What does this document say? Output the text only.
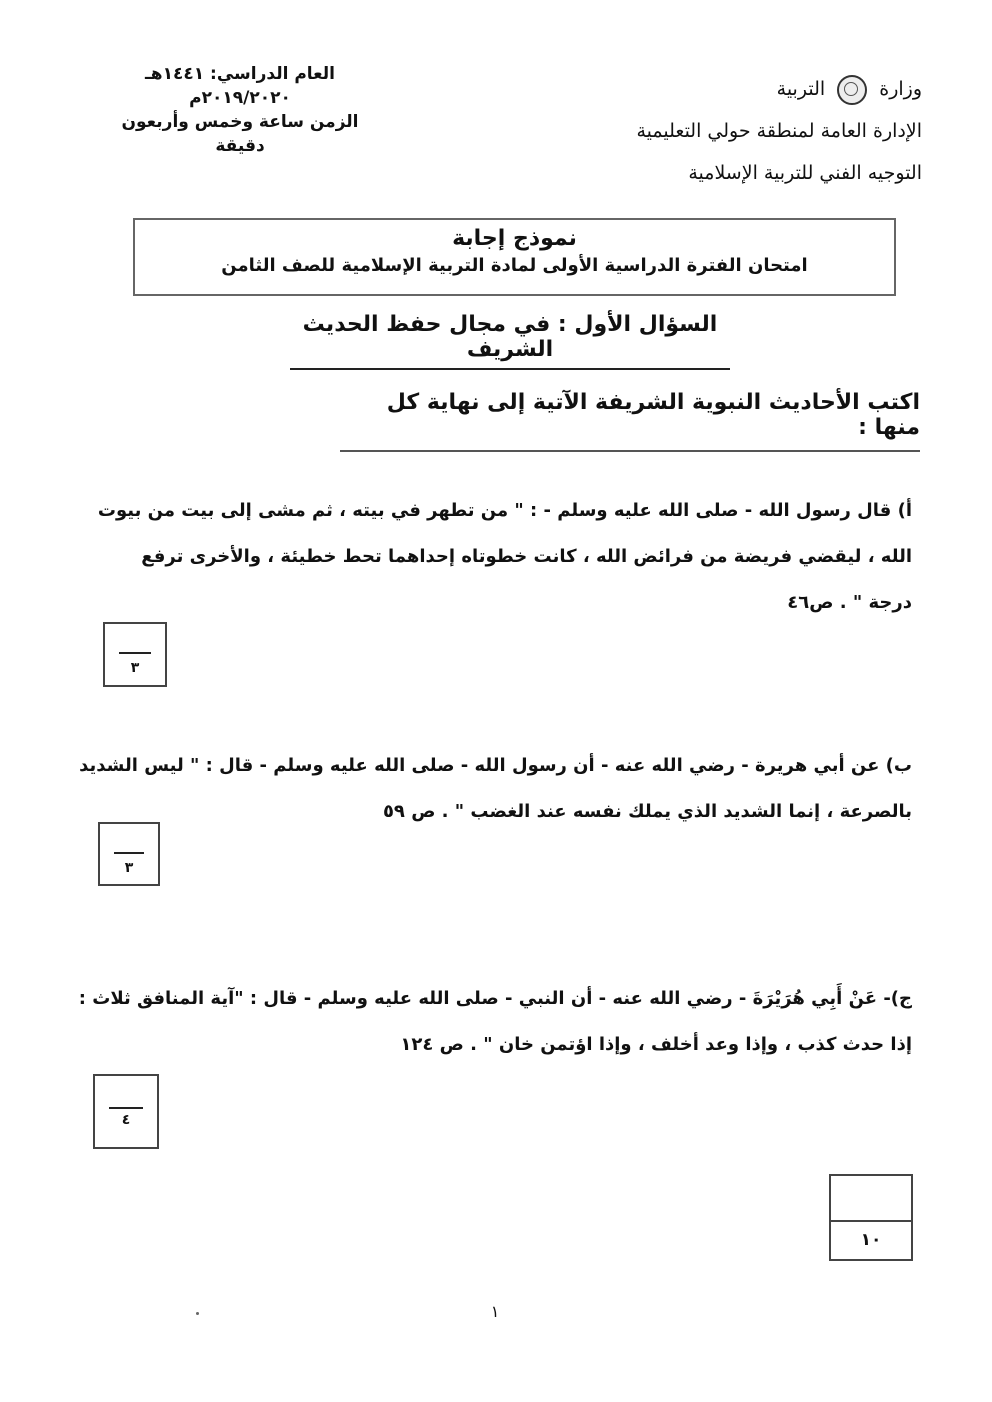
وزارة  التربية
الإدارة العامة لمنطقة حولي التعليمية
التوجيه الفني للتربية الإسلامية
العام الدراسي: ١٤٤١هـ
٢٠١٩/٢٠٢٠م
الزمن ساعة وخمس وأربعون دقيقة
نموذج إجابة
امتحان الفترة الدراسية الأولى لمادة التربية الإسلامية للصف الثامن
السؤال الأول : في مجال حفظ الحديث الشريف
اكتب الأحاديث النبوية الشريفة الآتية إلى نهاية كل منها :
أ) قال رسول الله - صلى الله عليه وسلم - : " من تطهر في بيته ، ثم مشى إلى بيت من بيوت الله ، ليقضي فريضة من فرائض الله ، كانت خطوتاه إحداهما تحط خطيئة ، والأخرى ترفع درجة " . ص٤٦
٣
ب) عن أبي هريرة - رضي الله عنه - أن رسول الله - صلى الله عليه وسلم - قال : " ليس الشديد بالصرعة ، إنما الشديد الذي يملك نفسه عند الغضب " . ص ٥٩
٣
ج)- عَنْ أَبِي هُرَيْرَةَ - رضي الله عنه - أن النبي - صلى الله عليه وسلم - قال : "آية المنافق ثلاث : إذا حدث كذب ، وإذا وعد أخلف ، وإذا اؤتمن خان " . ص ١٢٤
٤
١٠
١
